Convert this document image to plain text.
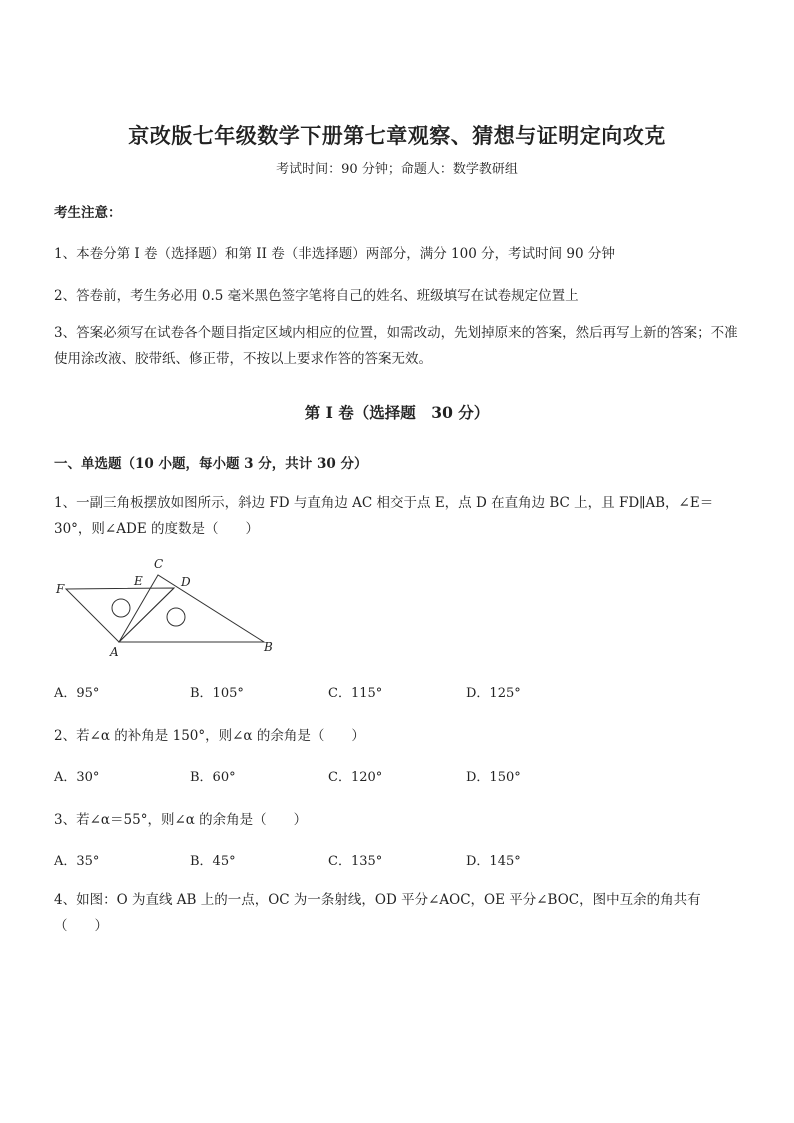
京改版七年级数学下册第七章观察、猜想与证明定向攻克
考试时间：90 分钟；命题人：数学教研组
考生注意：
1、本卷分第 I 卷（选择题）和第 II 卷（非选择题）两部分，满分 100 分，考试时间 90 分钟
2、答卷前，考生务必用 0.5 毫米黑色签字笔将自己的姓名、班级填写在试卷规定位置上
3、答案必须写在试卷各个题目指定区域内相应的位置，如需改动，先划掉原来的答案，然后再写上新的答案；不准使用涂改液、胶带纸、修正带，不按以上要求作答的答案无效。
第 I 卷（选择题　30 分）
一、单选题（10 小题，每小题 3 分，共计 30 分）
1、一副三角板摆放如图所示，斜边 FD 与直角边 AC 相交于点 E，点 D 在直角边 BC 上，且 FD∥AB，∠E＝30°，则∠ADE 的度数是（　　）
F
E
C
D
A	B
A．95°	B．105°	C．115°	D．125°
2、若∠α 的补角是 150°，则∠α 的余角是（　　）
A．30°	B．60°	C．120°	D．150°
3、若∠α＝55°，则∠α 的余角是（　　）
A．35°	B．45°	C．135°	D．145°
4、如图：O 为直线 AB 上的一点，OC 为一条射线，OD 平分∠AOC，OE 平分∠BOC，图中互余的角共有（　　）
